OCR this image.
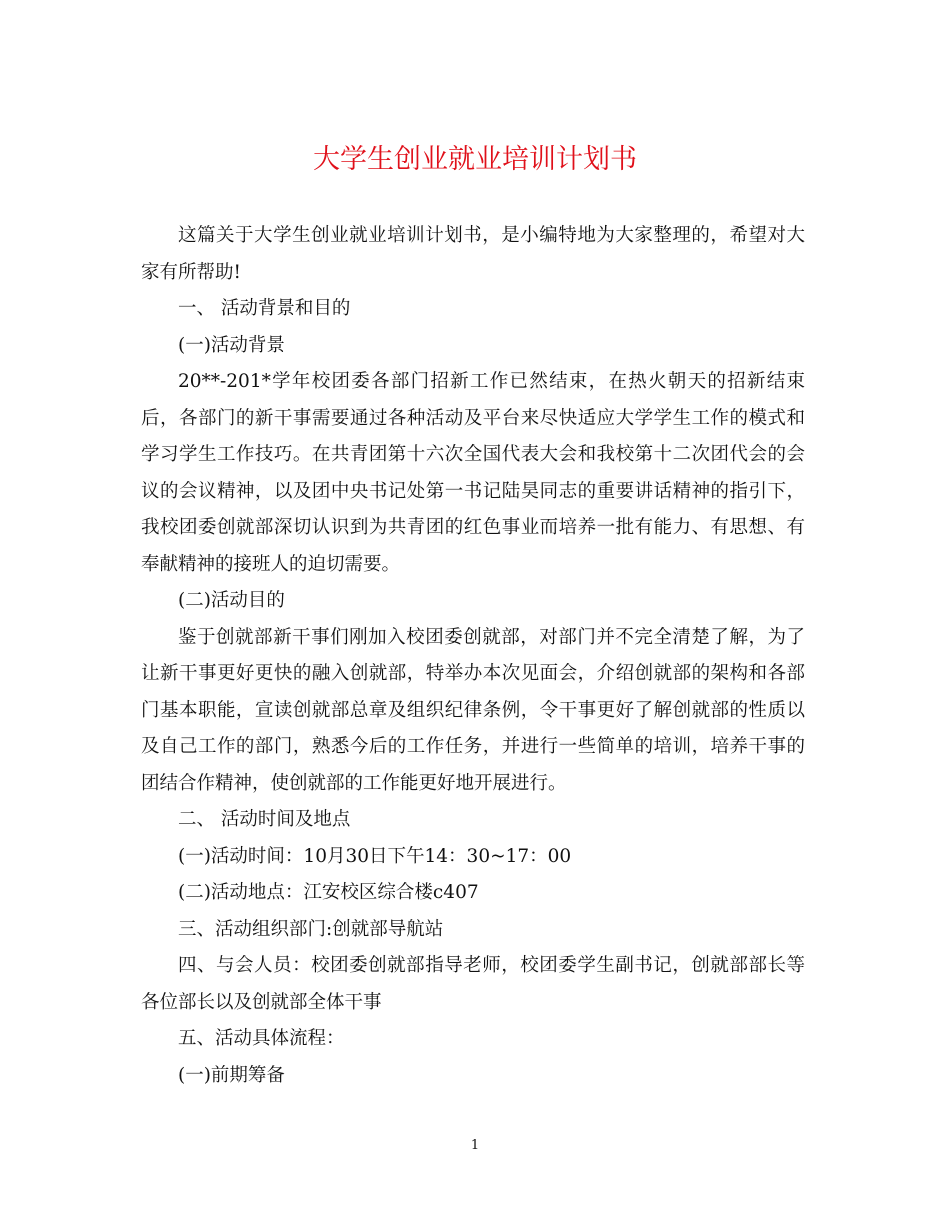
大学生创业就业培训计划书

这篇关于大学生创业就业培训计划书，是小编特地为大家整理的，希望对大家有所帮助!

一、 活动背景和目的

(一)活动背景

20**-201*学年校团委各部门招新工作已然结束，在热火朝天的招新结束后，各部门的新干事需要通过各种活动及平台来尽快适应大学学生工作的模式和学习学生工作技巧。在共青团第十六次全国代表大会和我校第十二次团代会的会议的会议精神，以及团中央书记处第一书记陆昊同志的重要讲话精神的指引下，我校团委创就部深切认识到为共青团的红色事业而培养一批有能力、有思想、有奉献精神的接班人的迫切需要。

(二)活动目的

鉴于创就部新干事们刚加入校团委创就部，对部门并不完全清楚了解，为了让新干事更好更快的融入创就部，特举办本次见面会，介绍创就部的架构和各部门基本职能，宣读创就部总章及组织纪律条例，令干事更好了解创就部的性质以及自己工作的部门，熟悉今后的工作任务，并进行一些简单的培训，培养干事的团结合作精神，使创就部的工作能更好地开展进行。

二、 活动时间及地点

(一)活动时间：10月30日下午14：30~17：00

(二)活动地点：江安校区综合楼c407

三、活动组织部门:创就部导航站

四、与会人员：校团委创就部指导老师，校团委学生副书记，创就部部长等各位部长以及创就部全体干事

五、活动具体流程：

(一)前期筹备

1
